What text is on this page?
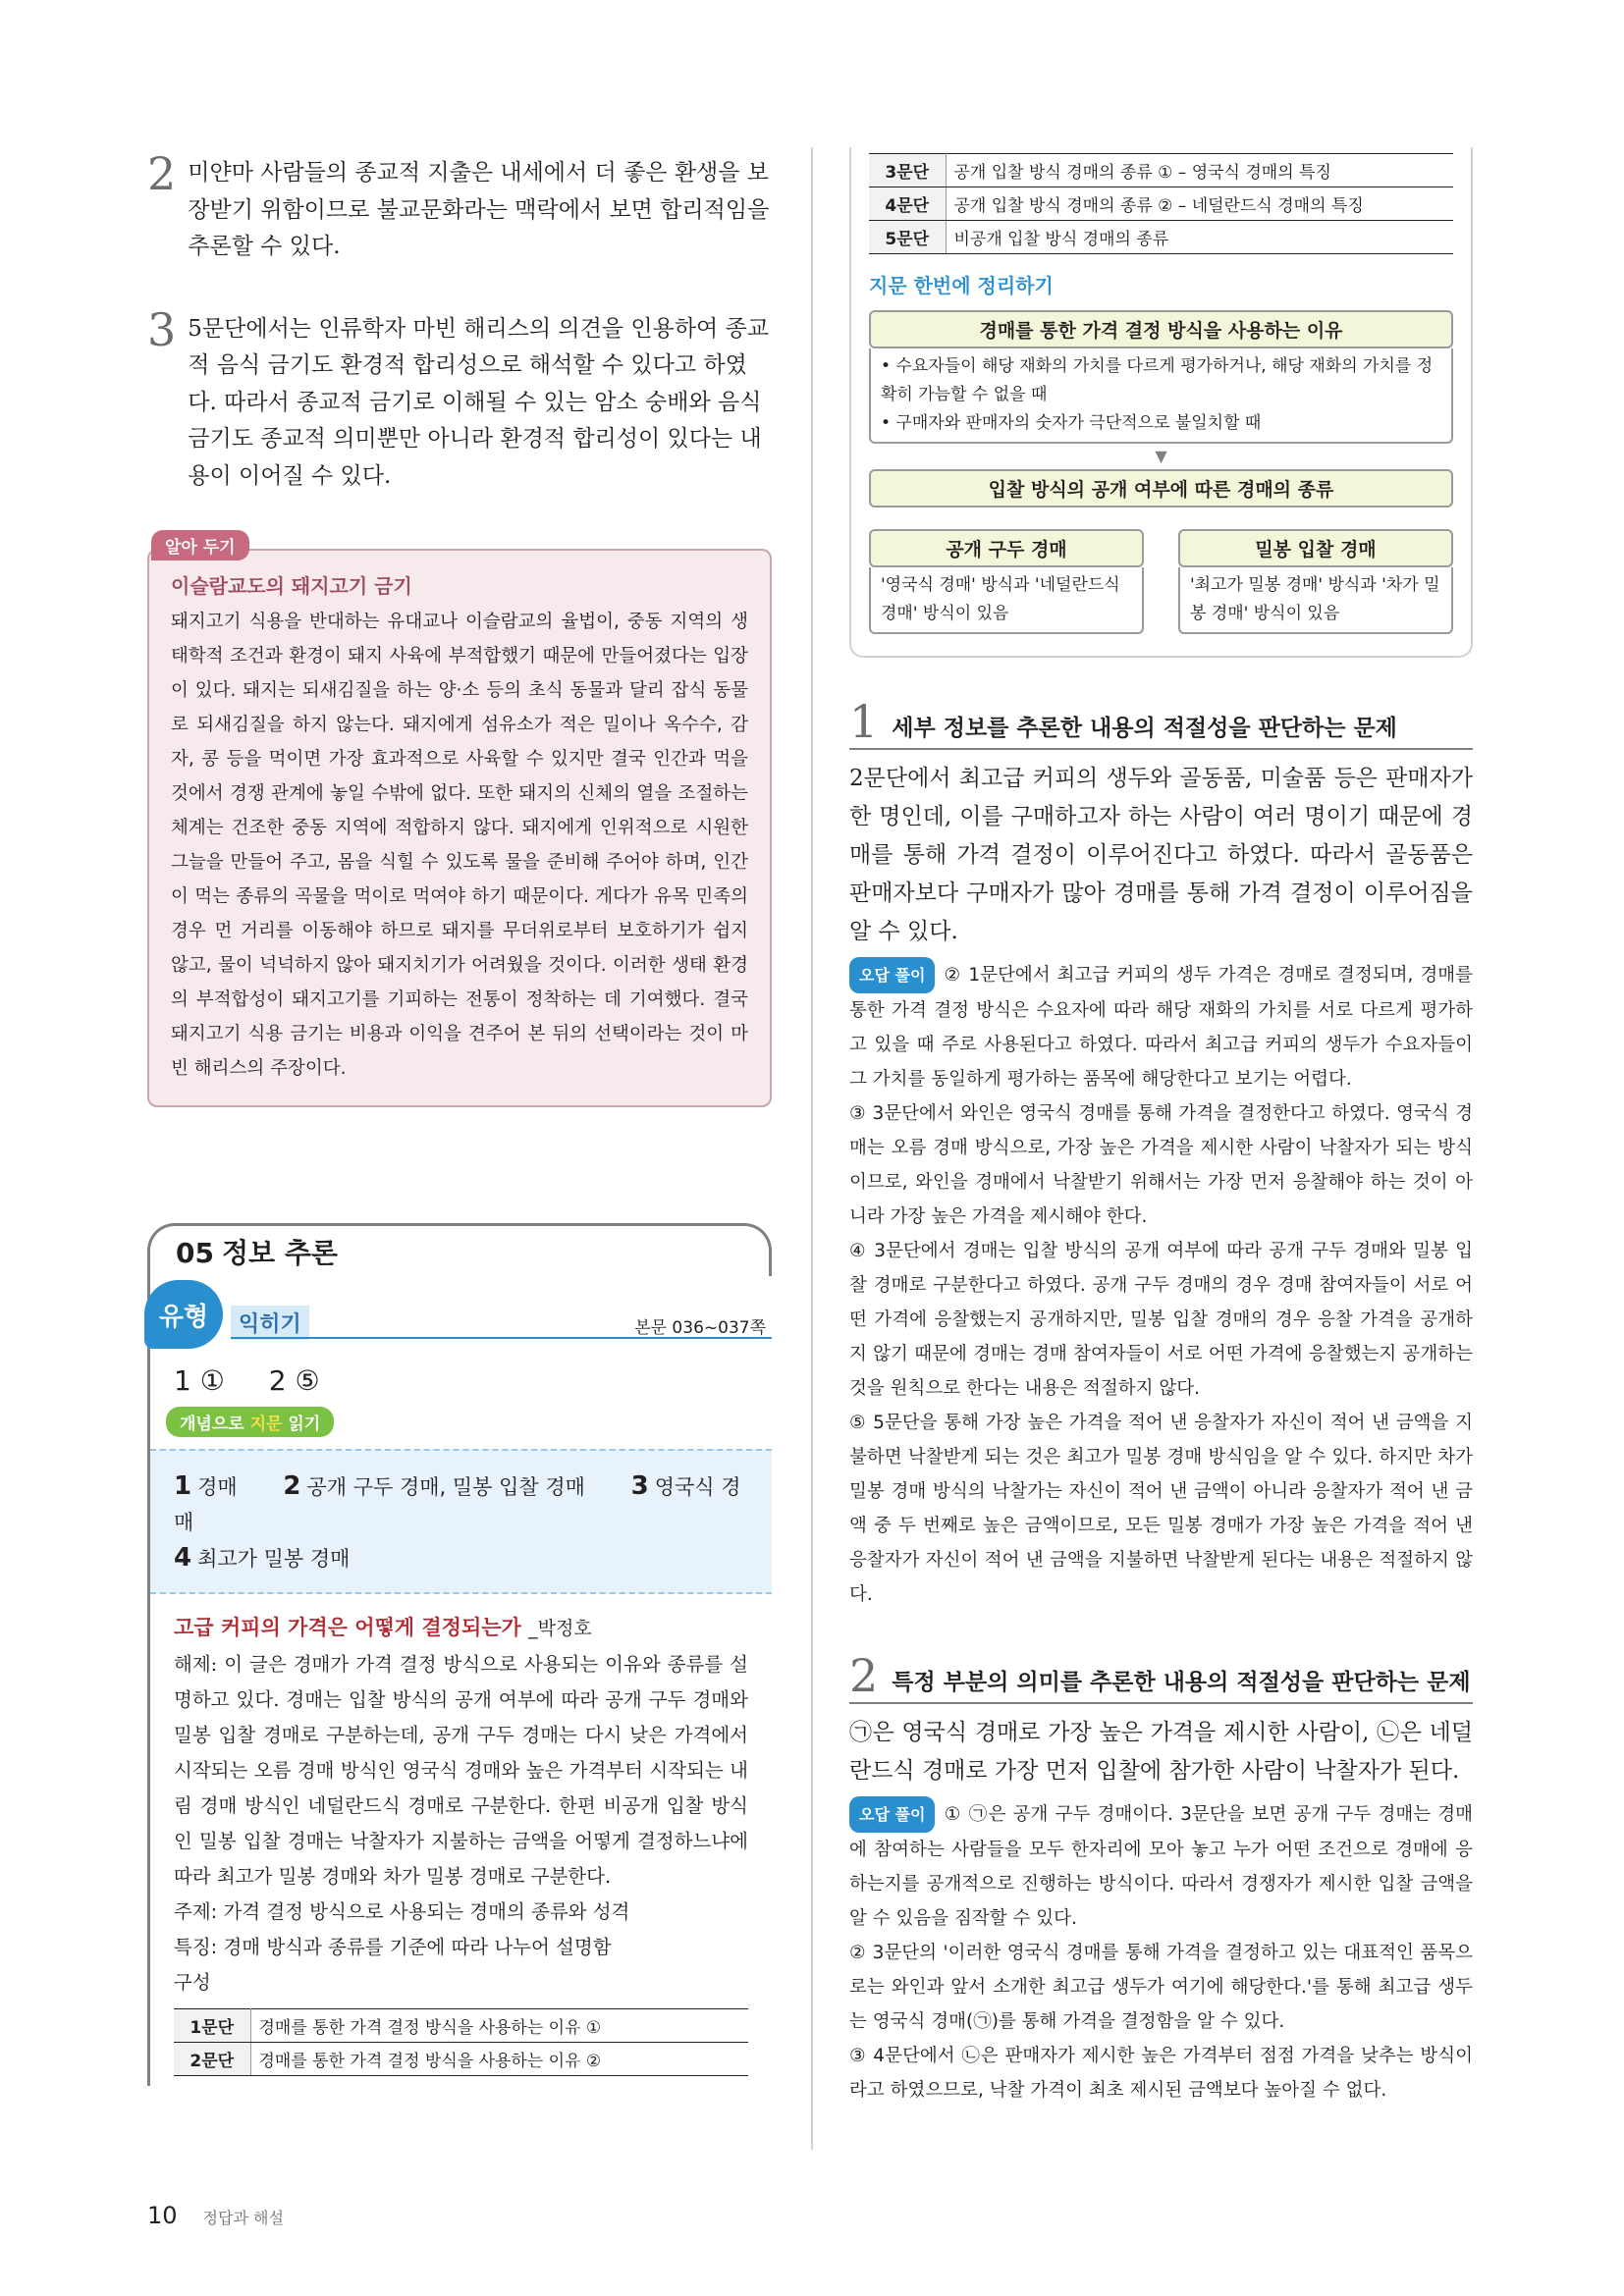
2 미얀마 사람들의 종교적 지출은 내세에서 더 좋은 환생을 보장받기 위함이므로 불교문화라는 맥락에서 보면 합리적임을 추론할 수 있다.
3 5문단에서는 인류학자 마빈 해리스의 의견을 인용하여 종교적 음식 금기도 환경적 합리성으로 해석할 수 있다고 하였다. 따라서 종교적 금기로 이해될 수 있는 암소 숭배와 음식 금기도 종교적 의미뿐만 아니라 환경적 합리성이 있다는 내용이 이어질 수 있다.
알아 두기
이슬람교도의 돼지고기 금기
돼지고기 식용을 반대하는 유대교나 이슬람교의 율법이, 중동 지역의 생태학적 조건과 환경이 돼지 사육에 부적합했기 때문에 만들어졌다는 입장이 있다. 돼지는 되새김질을 하는 양·소 등의 초식 동물과 달리 잡식 동물로 되새김질을 하지 않는다. 돼지에게 섬유소가 적은 밀이나 옥수수, 감자, 콩 등을 먹이면 가장 효과적으로 사육할 수 있지만 결국 인간과 먹을 것에서 경쟁 관계에 놓일 수밖에 없다. 또한 돼지의 신체의 열을 조절하는 체계는 건조한 중동 지역에 적합하지 않다. 돼지에게 인위적으로 시원한 그늘을 만들어 주고, 몸을 식힐 수 있도록 물을 준비해 주어야 하며, 인간이 먹는 종류의 곡물을 먹이로 먹여야 하기 때문이다. 게다가 유목 민족의 경우 먼 거리를 이동해야 하므로 돼지를 무더위로부터 보호하기가 쉽지 않고, 물이 넉넉하지 않아 돼지치기가 어려웠을 것이다. 이러한 생태 환경의 부적합성이 돼지고기를 기피하는 전통이 정착하는 데 기여했다. 결국 돼지고기 식용 금기는 비용과 이익을 견주어 본 뒤의 선택이라는 것이 마빈 해리스의 주장이다.
05 정보 추론
유형	익히기	본문 036~037쪽
1 ① 2 ⑤
개념으로 지문 읽기
1 경매 2 공개 구두 경매, 밀봉 입찰 경매 3 영국식 경매
4 최고가 밀봉 경매
고급 커피의 가격은 어떻게 결정되는가 _박정호
해제: 이 글은 경매가 가격 결정 방식으로 사용되는 이유와 종류를 설명하고 있다. 경매는 입찰 방식의 공개 여부에 따라 공개 구두 경매와 밀봉 입찰 경매로 구분하는데, 공개 구두 경매는 다시 낮은 가격에서 시작되는 오름 경매 방식인 영국식 경매와 높은 가격부터 시작되는 내림 경매 방식인 네덜란드식 경매로 구분한다. 한편 비공개 입찰 방식인 밀봉 입찰 경매는 낙찰자가 지불하는 금액을 어떻게 결정하느냐에 따라 최고가 밀봉 경매와 차가 밀봉 경매로 구분한다.
주제: 가격 결정 방식으로 사용되는 경매의 종류와 성격
특징: 경매 방식과 종류를 기준에 따라 나누어 설명함
구성
1문단	경매를 통한 가격 결정 방식을 사용하는 이유 ①
2문단	경매를 통한 가격 결정 방식을 사용하는 이유 ②
3문단	공개 입찰 방식 경매의 종류 ① – 영국식 경매의 특징
4문단	공개 입찰 방식 경매의 종류 ② – 네덜란드식 경매의 특징
5문단	비공개 입찰 방식 경매의 종류
지문 한번에 정리하기
경매를 통한 가격 결정 방식을 사용하는 이유
• 수요자들이 해당 재화의 가치를 다르게 평가하거나, 해당 재화의 가치를 정확히 가늠할 수 없을 때
• 구매자와 판매자의 숫자가 극단적으로 불일치할 때
▼
입찰 방식의 공개 여부에 따른 경매의 종류
공개 구두 경매
'영국식 경매' 방식과 '네덜란드식 경매' 방식이 있음
밀봉 입찰 경매
'최고가 밀봉 경매' 방식과 '차가 밀봉 경매' 방식이 있음
1 세부 정보를 추론한 내용의 적절성을 판단하는 문제
2문단에서 최고급 커피의 생두와 골동품, 미술품 등은 판매자가 한 명인데, 이를 구매하고자 하는 사람이 여러 명이기 때문에 경매를 통해 가격 결정이 이루어진다고 하였다. 따라서 골동품은 판매자보다 구매자가 많아 경매를 통해 가격 결정이 이루어짐을 알 수 있다.
오답 풀이 ② 1문단에서 최고급 커피의 생두 가격은 경매로 결정되며, 경매를 통한 가격 결정 방식은 수요자에 따라 해당 재화의 가치를 서로 다르게 평가하고 있을 때 주로 사용된다고 하였다. 따라서 최고급 커피의 생두가 수요자들이 그 가치를 동일하게 평가하는 품목에 해당한다고 보기는 어렵다.
③ 3문단에서 와인은 영국식 경매를 통해 가격을 결정한다고 하였다. 영국식 경매는 오름 경매 방식으로, 가장 높은 가격을 제시한 사람이 낙찰자가 되는 방식이므로, 와인을 경매에서 낙찰받기 위해서는 가장 먼저 응찰해야 하는 것이 아니라 가장 높은 가격을 제시해야 한다.
④ 3문단에서 경매는 입찰 방식의 공개 여부에 따라 공개 구두 경매와 밀봉 입찰 경매로 구분한다고 하였다. 공개 구두 경매의 경우 경매 참여자들이 서로 어떤 가격에 응찰했는지 공개하지만, 밀봉 입찰 경매의 경우 응찰 가격을 공개하지 않기 때문에 경매는 경매 참여자들이 서로 어떤 가격에 응찰했는지 공개하는 것을 원칙으로 한다는 내용은 적절하지 않다.
⑤ 5문단을 통해 가장 높은 가격을 적어 낸 응찰자가 자신이 적어 낸 금액을 지불하면 낙찰받게 되는 것은 최고가 밀봉 경매 방식임을 알 수 있다. 하지만 차가 밀봉 경매 방식의 낙찰가는 자신이 적어 낸 금액이 아니라 응찰자가 적어 낸 금액 중 두 번째로 높은 금액이므로, 모든 밀봉 경매가 가장 높은 가격을 적어 낸 응찰자가 자신이 적어 낸 금액을 지불하면 낙찰받게 된다는 내용은 적절하지 않다.
2 특정 부분의 의미를 추론한 내용의 적절성을 판단하는 문제
㉠은 영국식 경매로 가장 높은 가격을 제시한 사람이, ㉡은 네덜란드식 경매로 가장 먼저 입찰에 참가한 사람이 낙찰자가 된다.
오답 풀이 ① ㉠은 공개 구두 경매이다. 3문단을 보면 공개 구두 경매는 경매에 참여하는 사람들을 모두 한자리에 모아 놓고 누가 어떤 조건으로 경매에 응하는지를 공개적으로 진행하는 방식이다. 따라서 경쟁자가 제시한 입찰 금액을 알 수 있음을 짐작할 수 있다.
② 3문단의 '이러한 영국식 경매를 통해 가격을 결정하고 있는 대표적인 품목으로는 와인과 앞서 소개한 최고급 생두가 여기에 해당한다.'를 통해 최고급 생두는 영국식 경매(㉠)를 통해 가격을 결정함을 알 수 있다.
③ 4문단에서 ㉡은 판매자가 제시한 높은 가격부터 점점 가격을 낮추는 방식이라고 하였으므로, 낙찰 가격이 최초 제시된 금액보다 높아질 수 없다.
10 정답과 해설
